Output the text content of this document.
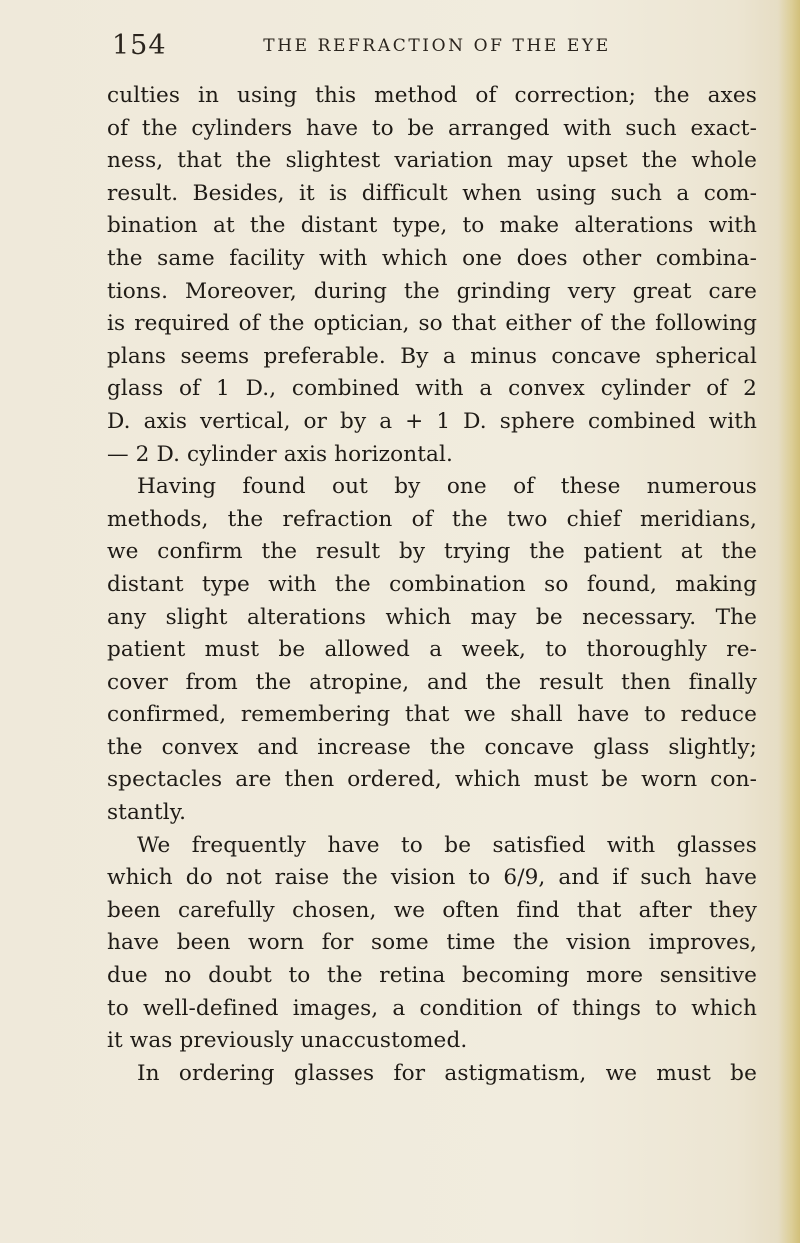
154	THE REFRACTION OF THE EYE
culties in using this method of correction; the axes
of the cylinders have to be arranged with such exact-
ness, that the slightest variation may upset the whole
result. Besides, it is difficult when using such a com-
bination at the distant type, to make alterations with
the same facility with which one does other combina-
tions. Moreover, during the grinding very great care
is required of the optician, so that either of the following
plans seems preferable. By a minus concave spherical
glass of 1 D., combined with a convex cylinder of 2
D. axis vertical, or by a + 1 D. sphere combined with
— 2 D. cylinder axis horizontal.
Having found out by one of these numerous
methods, the refraction of the two chief meridians,
we confirm the result by trying the patient at the
distant type with the combination so found, making
any slight alterations which may be necessary. The
patient must be allowed a week, to thoroughly re-
cover from the atropine, and the result then finally
confirmed, remembering that we shall have to reduce
the convex and increase the concave glass slightly;
spectacles are then ordered, which must be worn con-
stantly.
We frequently have to be satisfied with glasses
which do not raise the vision to 6/9, and if such have
been carefully chosen, we often find that after they
have been worn for some time the vision improves,
due no doubt to the retina becoming more sensitive
to well-defined images, a condition of things to which
it was previously unaccustomed.
In ordering glasses for astigmatism, we must be
